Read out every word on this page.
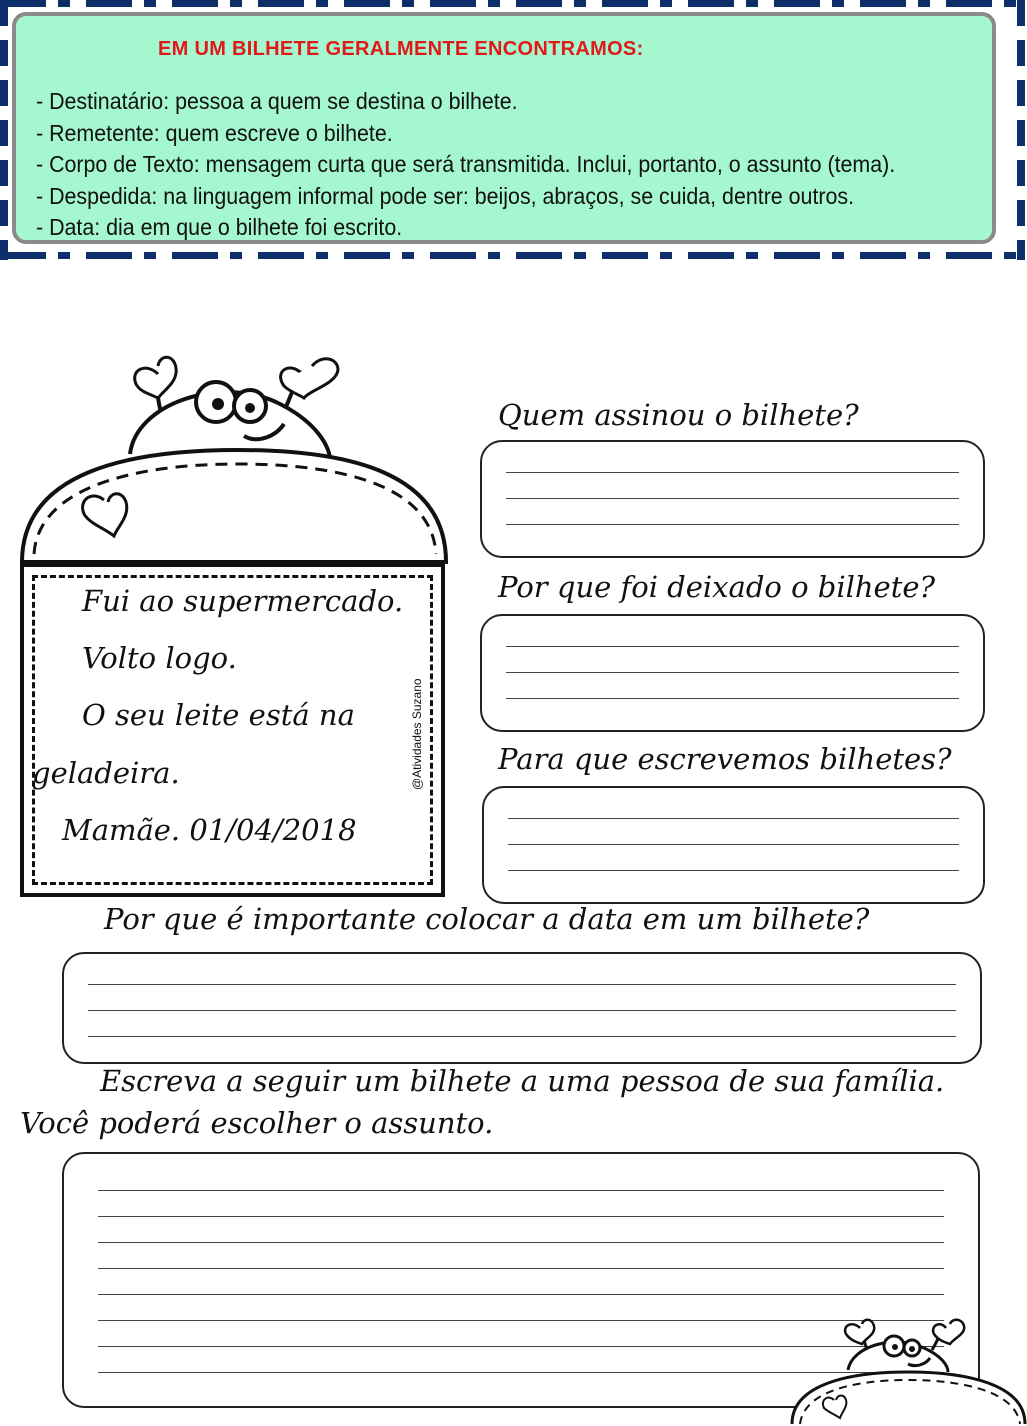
EM UM BILHETE GERALMENTE ENCONTRAMOS:
- Destinatário: pessoa a quem se destina o bilhete.
- Remetente: quem escreve o bilhete.
- Corpo de Texto: mensagem curta que será transmitida. Inclui, portanto, o assunto (tema).
- Despedida: na linguagem informal pode ser: beijos, abraços, se cuida, dentre outros.
- Data: dia em que o bilhete foi escrito.
Fui ao supermercado.
Volto logo.
O seu leite está na
geladeira.
Mamãe. 01/04/2018
@Atividades Suzano
Quem assinou o bilhete?
Por que foi deixado o bilhete?
Para que escrevemos bilhetes?
Por que é importante colocar a data em um bilhete?
Escreva a seguir um bilhete a uma pessoa de sua família.
Você poderá escolher o assunto.
